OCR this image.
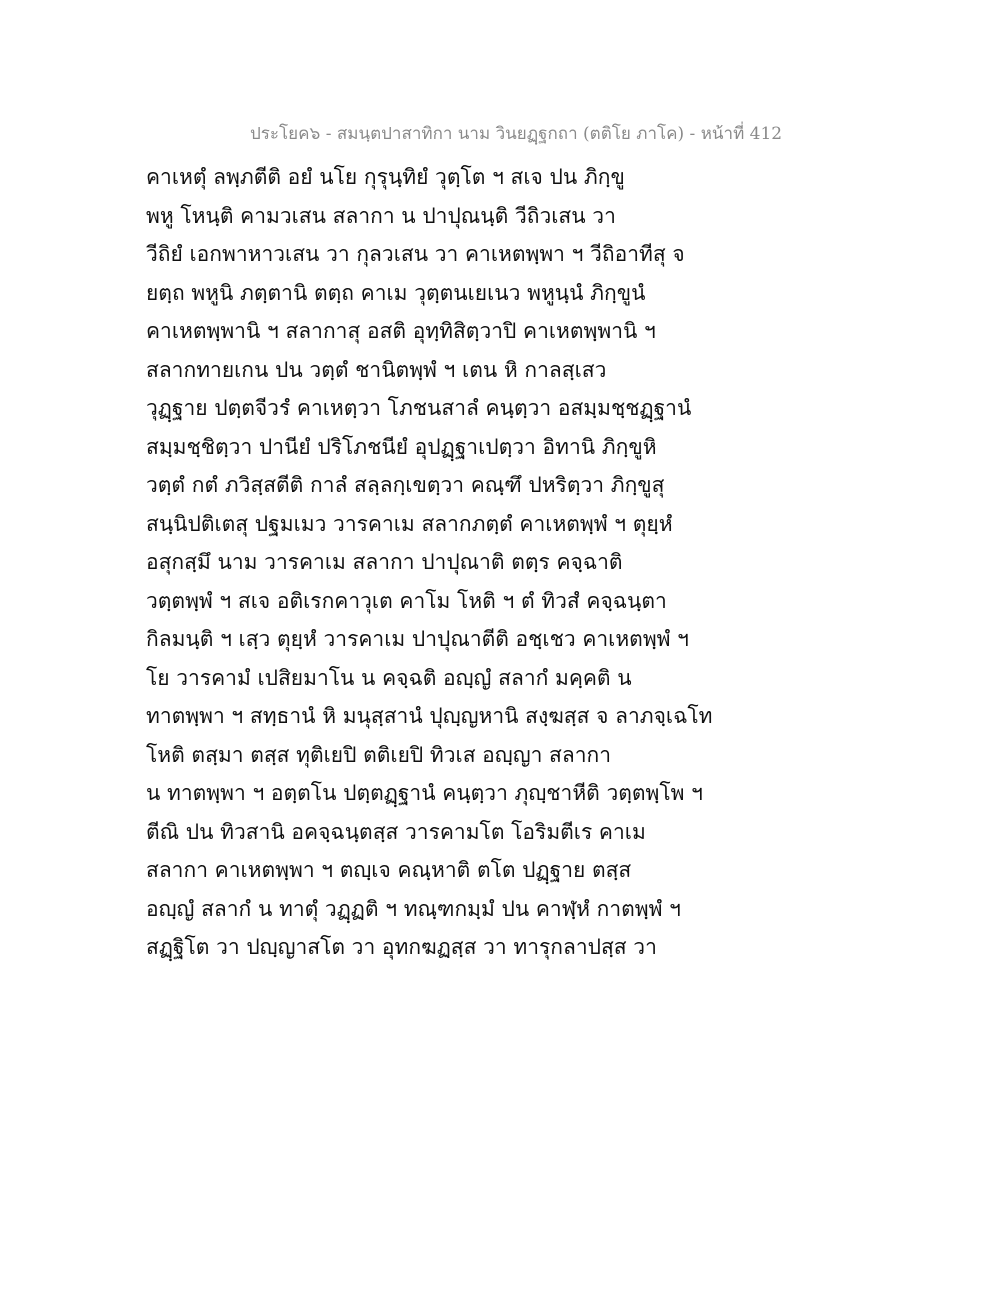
ประโยค๖ - สมนฺตปาสาทิกา นาม วินยฏฺฐกถา (ตติโย ภาโค) - หน้าที่ 412
คาเหตุํ ลพฺภตีติ อยํ นโย กุรุนฺทิยํ วุตฺโต ฯ สเจ ปน ภิกฺขู
พหู โหนฺติ คามวเสน สลากา น ปาปุณนฺติ วีถิวเสน วา
วีถิยํ เอกพาหาวเสน วา กุลวเสน วา คาเหตพฺพา ฯ วีถิอาทีสุ จ
ยตฺถ พหูนิ ภตฺตานิ ตตฺถ คาเม วุตฺตนเยเนว พหูนฺนํ ภิกฺขูนํ
คาเหตพฺพานิ ฯ สลากาสุ อสติ อุทฺทิสิตฺวาปิ คาเหตพฺพานิ ฯ
สลากทายเกน ปน วตฺตํ ชานิตพฺพํ ฯ เตน หิ กาลสฺเสว
วุฏฺฐาย ปตฺตจีวรํ คาเหตฺวา โภชนสาลํ คนฺตฺวา อสมฺมชฺชฏฺฐานํ
สมฺมชฺชิตฺวา ปานียํ ปริโภชนียํ อุปฏฺฐาเปตฺวา อิทานิ ภิกฺขูหิ
วตฺตํ กตํ ภวิสฺสตีติ กาลํ สลฺลกฺเขตฺวา คณฺฑึ ปหริตฺวา ภิกฺขูสุ
สนฺนิปติเตสุ ปฐมเมว วารคาเม สลากภตฺตํ คาเหตพฺพํ ฯ ตุยฺหํ
อสุกสฺมึ นาม วารคาเม สลากา ปาปุณาติ ตตฺร คจฺฉาติ
วตฺตพฺพํ ฯ สเจ อติเรกคาวุเต คาโม โหติ ฯ ตํ ทิวสํ คจฺฉนฺตา
กิลมนฺติ ฯ เสฺว ตุยฺหํ วารคาเม ปาปุณาตีติ อชฺเชว คาเหตพฺพํ ฯ
โย วารคามํ เปสิยมาโน น คจฺฉติ อญฺญํ สลากํ มคฺคติ น
ทาตพฺพา ฯ สทฺธานํ หิ มนุสฺสานํ ปุญฺญหานิ สงฺฆสฺส จ ลาภจฺเฉโท
โหติ ตสฺมา ตสฺส ทุติเยปิ ตติเยปิ ทิวเส อญฺญา สลากา
น ทาตพฺพา ฯ อตฺตโน ปตฺตฏฺฐานํ คนฺตฺวา ภุญฺชาหีติ วตฺตพฺโพ ฯ
ตีณิ ปน ทิวสานิ อคจฺฉนฺตสฺส วารคามโต โอริมตีเร คาเม
สลากา คาเหตพฺพา ฯ ตญฺเจ คณฺหาติ ตโต ปฏฺฐาย ตสฺส
อญฺญํ สลากํ น ทาตุํ วฏฺฏติ ฯ ทณฺฑกมฺมํ ปน คาฬฺหํ กาตพฺพํ ฯ
สฏฺฐิโต วา ปญฺญาสโต วา อุทกฆฏสฺส วา ทารุกลาปสฺส วา
